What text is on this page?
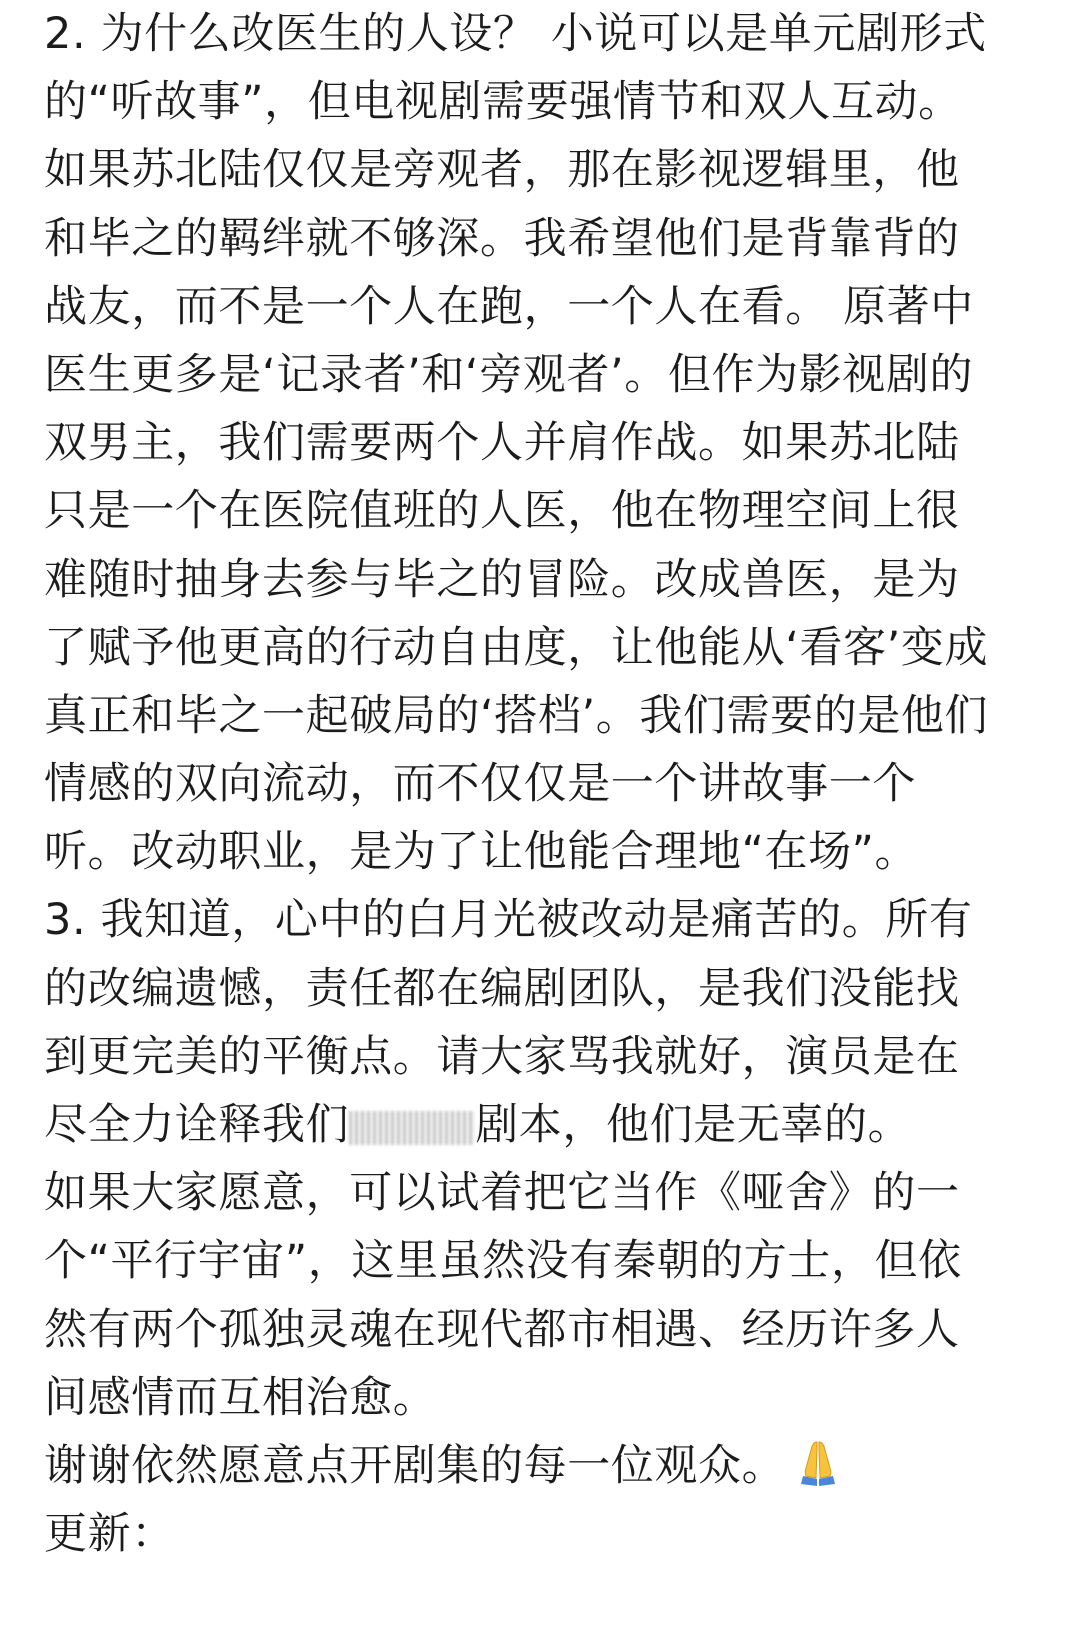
2. 为什么改医生的人设？ 小说可以是单元剧形式
的“听故事”，但电视剧需要强情节和双人互动。
如果苏北陆仅仅是旁观者，那在影视逻辑里，他
和毕之的羁绊就不够深。我希望他们是背靠背的
战友，而不是一个人在跑，一个人在看。 原著中
医生更多是‘记录者’和‘旁观者’。但作为影视剧的
双男主，我们需要两个人并肩作战。如果苏北陆
只是一个在医院值班的人医，他在物理空间上很
难随时抽身去参与毕之的冒险。改成兽医，是为
了赋予他更高的行动自由度，让他能从‘看客’变成
真正和毕之一起破局的‘搭档’。我们需要的是他们
情感的双向流动，而不仅仅是一个讲故事一个
听。改动职业，是为了让他能合理地“在场”。
3. 我知道，心中的白月光被改动是痛苦的。所有
的改编遗憾，责任都在编剧团队，是我们没能找
到更完美的平衡点。请大家骂我就好，演员是在
尽全力诠释我们	剧本，他们是无辜的。
如果大家愿意，可以试着把它当作《哑舍》的一
个“平行宇宙”，这里虽然没有秦朝的方士，但依
然有两个孤独灵魂在现代都市相遇、经历许多人
间感情而互相治愈。
谢谢依然愿意点开剧集的每一位观众。
更新：
